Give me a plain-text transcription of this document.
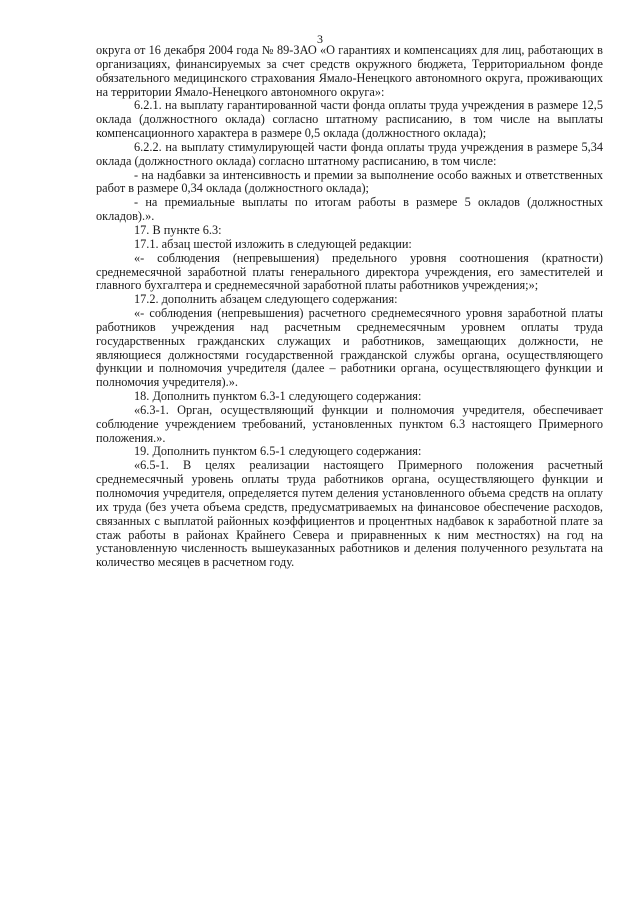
3

округа от 16 декабря 2004 года № 89-ЗАО «О гарантиях и компенсациях для лиц, работающих в организациях, финансируемых за счет средств окружного бюджета, Территориальном фонде обязательного медицинского страхования Ямало-Ненецкого автономного округа, проживающих на территории Ямало-Ненецкого автономного округа»:

6.2.1. на выплату гарантированной части фонда оплаты труда учреждения в размере 12,5 оклада (должностного оклада) согласно штатному расписанию, в том числе на выплаты компенсационного характера в размере 0,5 оклада (должностного оклада);

6.2.2. на выплату стимулирующей части фонда оплаты труда учреждения в размере 5,34 оклада (должностного оклада) согласно штатному расписанию, в том числе:

- на надбавки за интенсивность и премии за выполнение особо важных и ответственных работ в размере 0,34 оклада (должностного оклада);

- на премиальные выплаты по итогам работы в размере 5 окладов (должностных окладов).».

17. В пункте 6.3:

17.1. абзац шестой изложить в следующей редакции:

«- соблюдения (непревышения) предельного уровня соотношения (кратности) среднемесячной заработной платы генерального директора учреждения, его заместителей и главного бухгалтера и среднемесячной заработной платы работников учреждения;»;

17.2. дополнить абзацем следующего содержания:

«- соблюдения (непревышения) расчетного среднемесячного уровня заработной платы работников учреждения над расчетным среднемесячным уровнем оплаты труда государственных гражданских служащих и работников, замещающих должности, не являющиеся должностями государственной гражданской службы органа, осуществляющего функции и полномочия учредителя (далее – работники органа, осуществляющего функции и полномочия учредителя).».

18. Дополнить пунктом 6.3-1 следующего содержания:

«6.3-1. Орган, осуществляющий функции и полномочия учредителя, обеспечивает соблюдение учреждением требований, установленных пунктом 6.3 настоящего Примерного положения.».

19. Дополнить пунктом 6.5-1 следующего содержания:

«6.5-1. В целях реализации настоящего Примерного положения расчетный среднемесячный уровень оплаты труда работников органа, осуществляющего функции и полномочия учредителя, определяется путем деления установленного объема средств на оплату их труда (без учета объема средств, предусматриваемых на финансовое обеспечение расходов, связанных с выплатой районных коэффициентов и процентных надбавок к заработной плате за стаж работы в районах Крайнего Севера и приравненных к ним местностях) на год на установленную численность вышеуказанных работников и деления полученного результата на количество месяцев в расчетном году.
